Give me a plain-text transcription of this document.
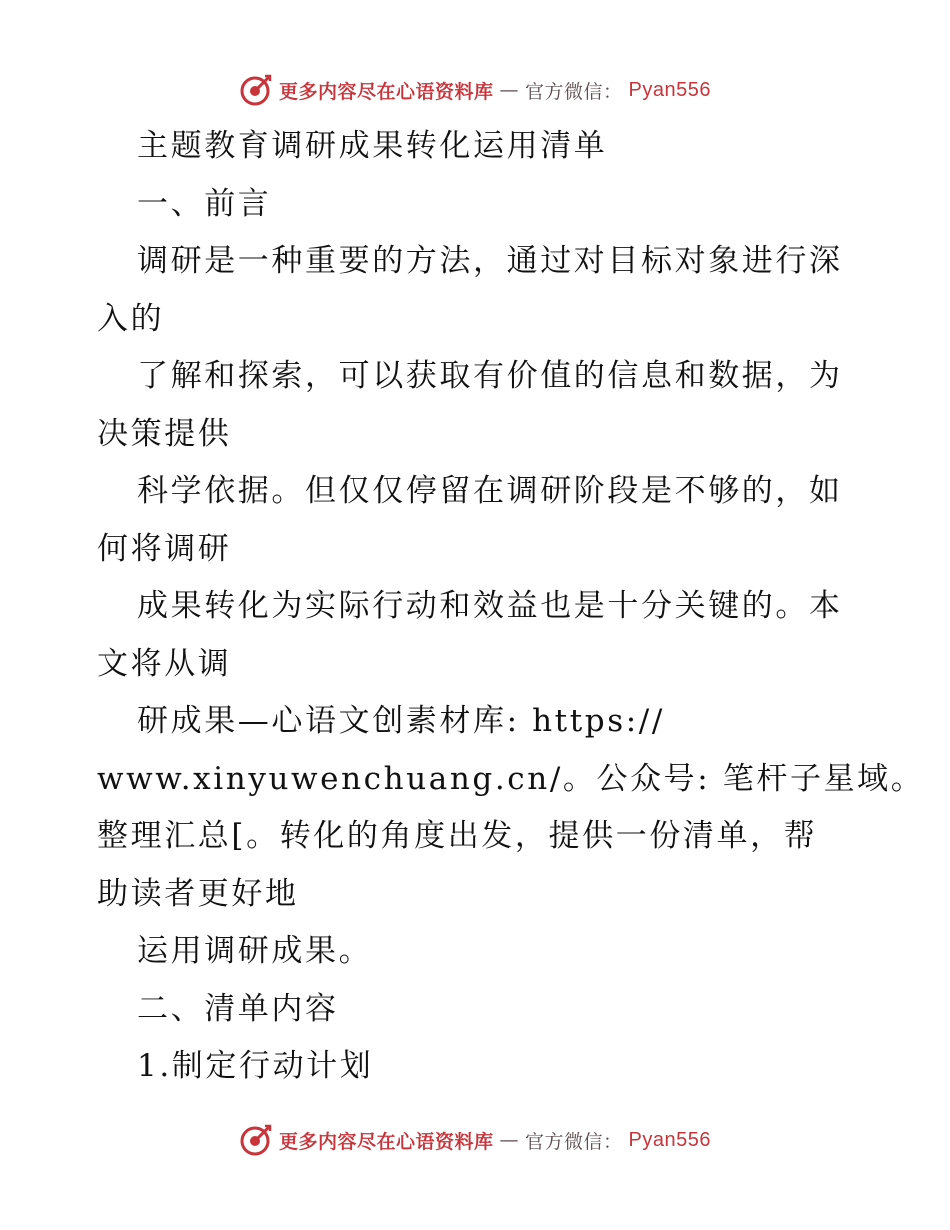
更多内容尽在心语资料库 — 官方微信： Pyan556
主题教育调研成果转化运用清单
一、前言
调研是一种重要的方法，通过对目标对象进行深
入的
了解和探索，可以获取有价值的信息和数据，为
决策提供
科学依据。但仅仅停留在调研阶段是不够的，如
何将调研
成果转化为实际行动和效益也是十分关键的。本
文将从调
研成果—心语文创素材库: https://
www.xinyuwenchuang.cn/。公众号: 笔杆子星域。
整理汇总[。转化的角度出发，提供一份清单，帮
助读者更好地
运用调研成果。
二、清单内容
1.制定行动计划
更多内容尽在心语资料库 — 官方微信： Pyan556
